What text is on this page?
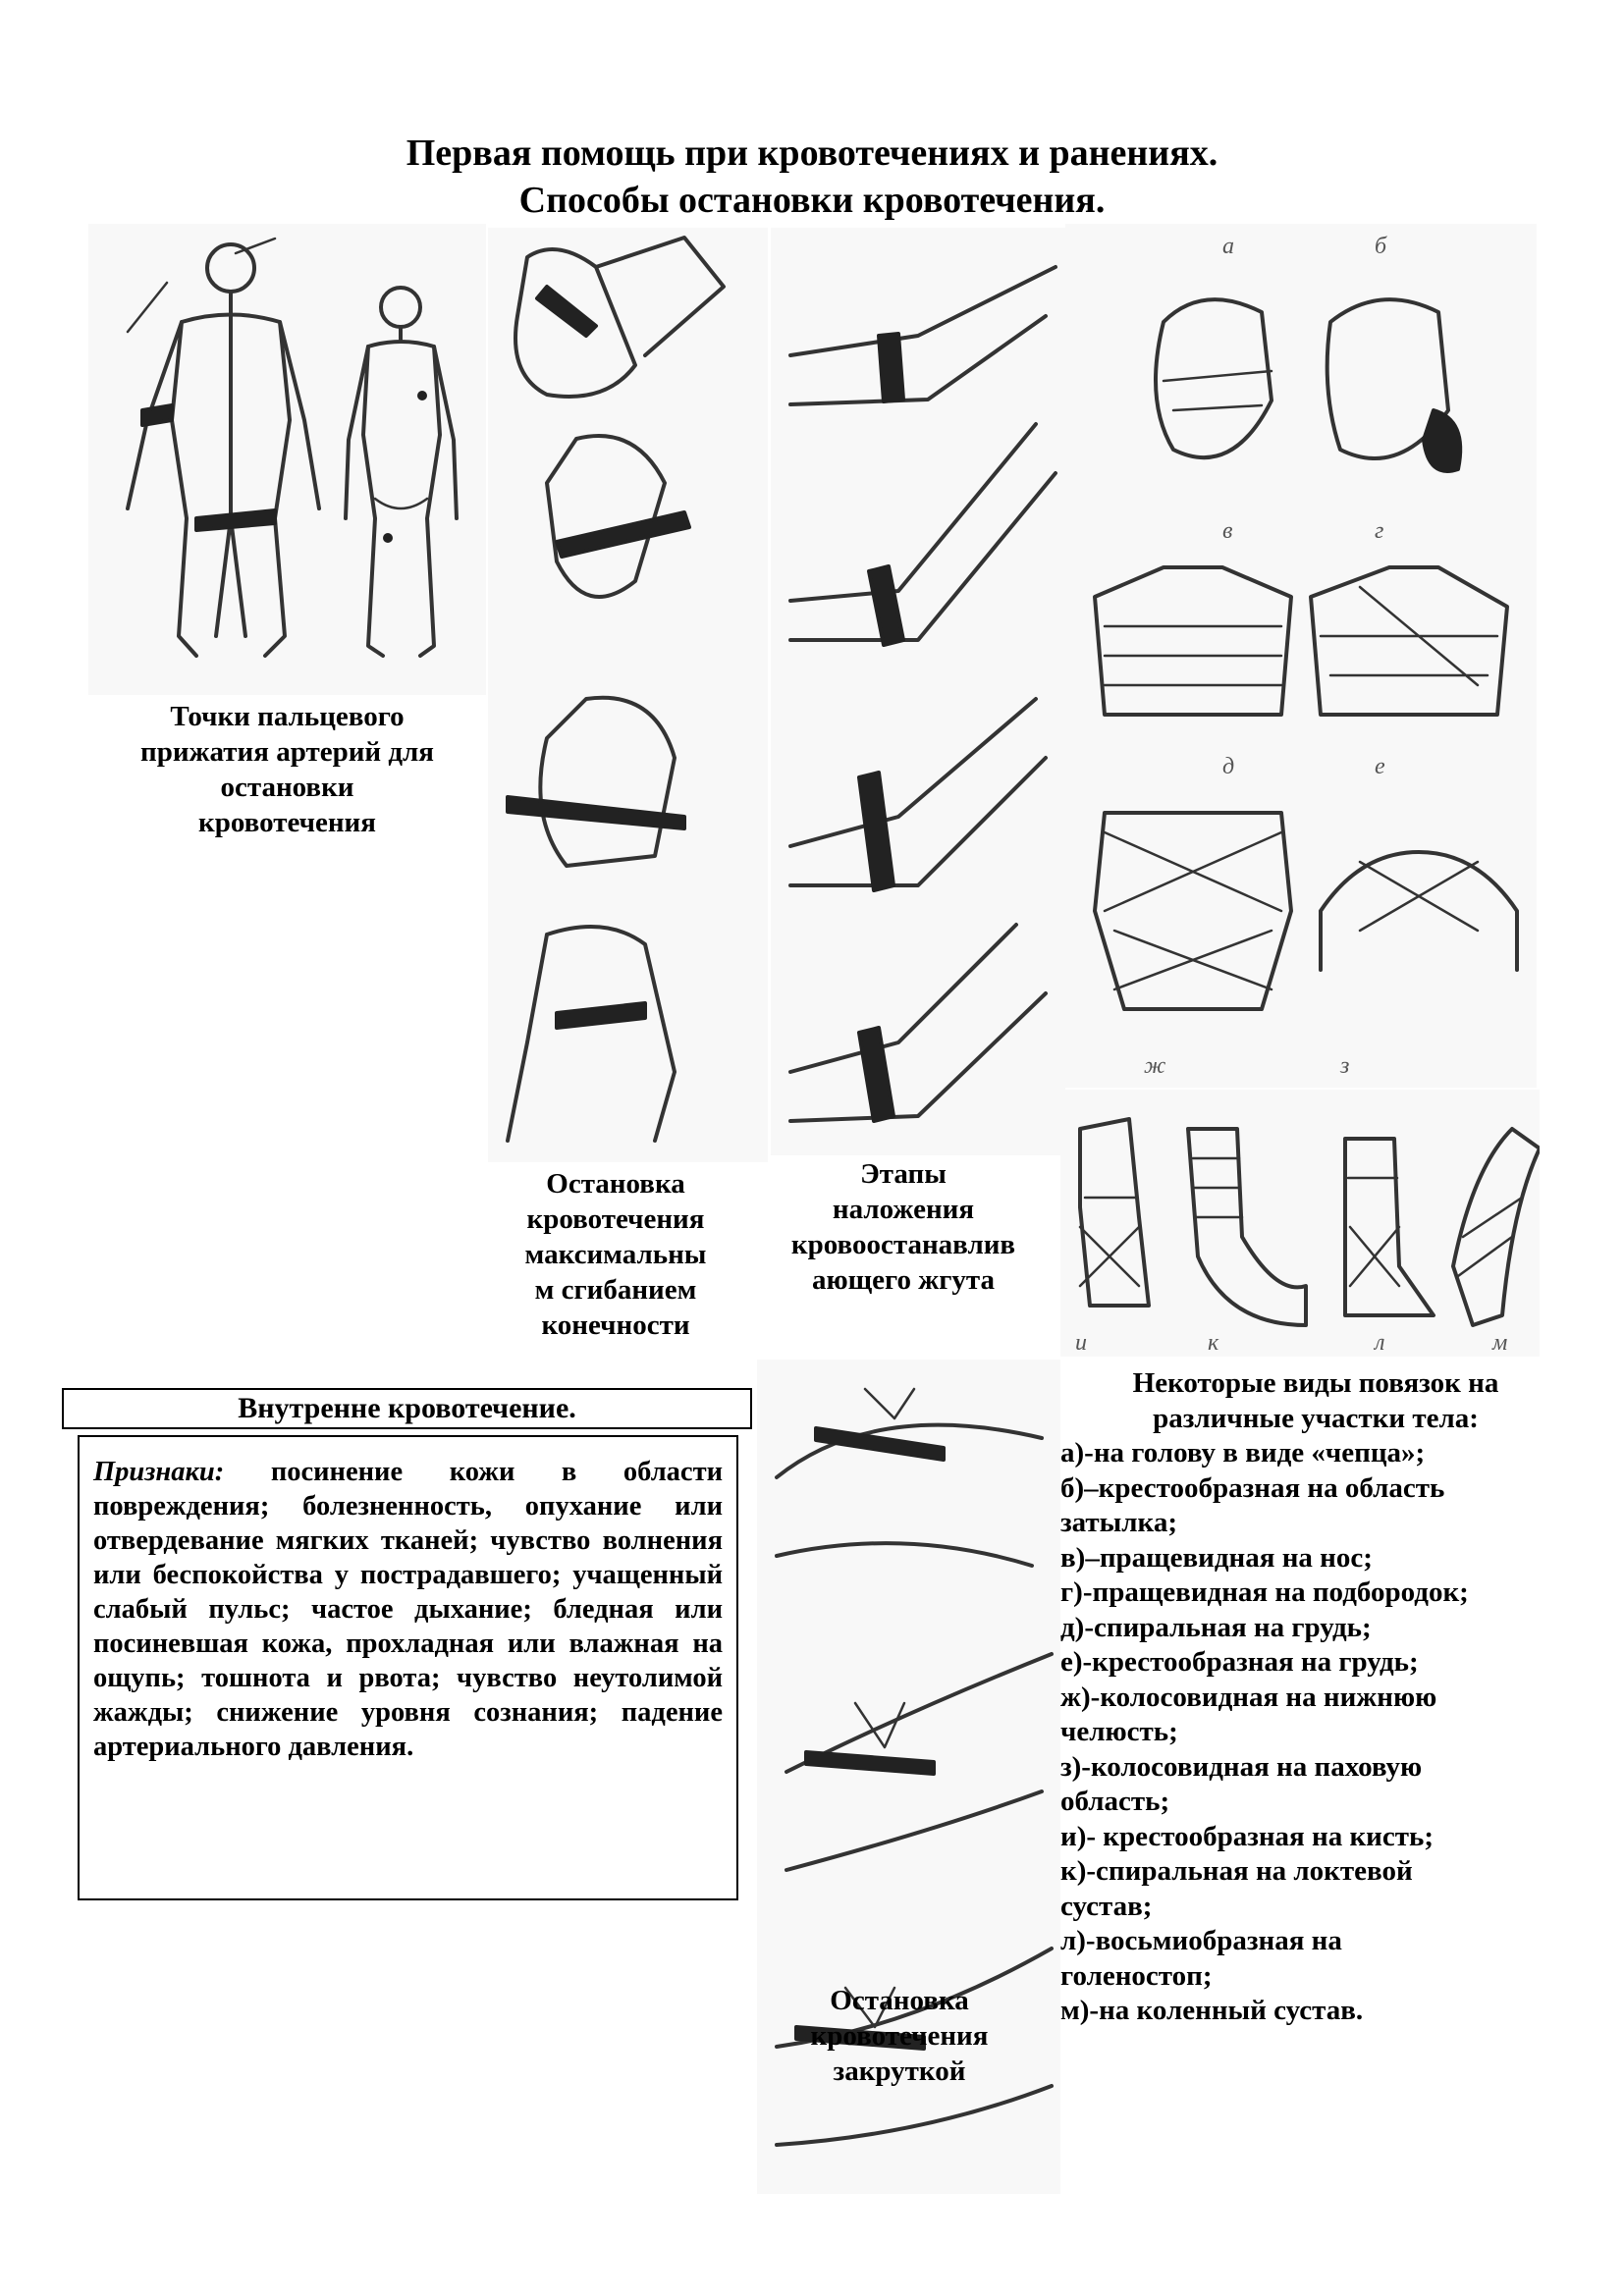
Первая помощь при кровотечениях и ранениях.
Способы остановки кровотечения.
Точки пальцевого
прижатия артерий для
остановки
кровотечения
Остановка
кровотечения
максимальны
м сгибанием
конечности
Этапы
наложения
кровоостанавлив
ающего жгута
а	б
в	г
д	е
ж	з
и	к	л	м
Остановка
кровотечения
закруткой
Внутренне кровотечение.
Признаки: посинение кожи в области повреждения; болезненность, опухание или отвердевание мягких тканей; чувство волнения или беспокойства у пострадавшего; учащенный слабый пульс; частое дыхание; бледная или посиневшая кожа, прохладная или влажная на ощупь; тошнота и рвота; чувство неутолимой жажды; снижение уровня сознания; падение артериального давления.
Некоторые виды повязок на
различные участки тела:
а)-на голову в виде «чепца»;
б)–крестообразная на область
затылка;
в)–пращевидная на нос;
г)-пращевидная на подбородок;
д)-спиральная на грудь;
е)-крестообразная на грудь;
ж)-колосовидная на нижнюю
челюсть;
з)-колосовидная на паховую
область;
и)- крестообразная на кисть;
к)-спиральная на локтевой
сустав;
л)-восьмиобразная на
голеностоп;
м)-на коленный сустав.
